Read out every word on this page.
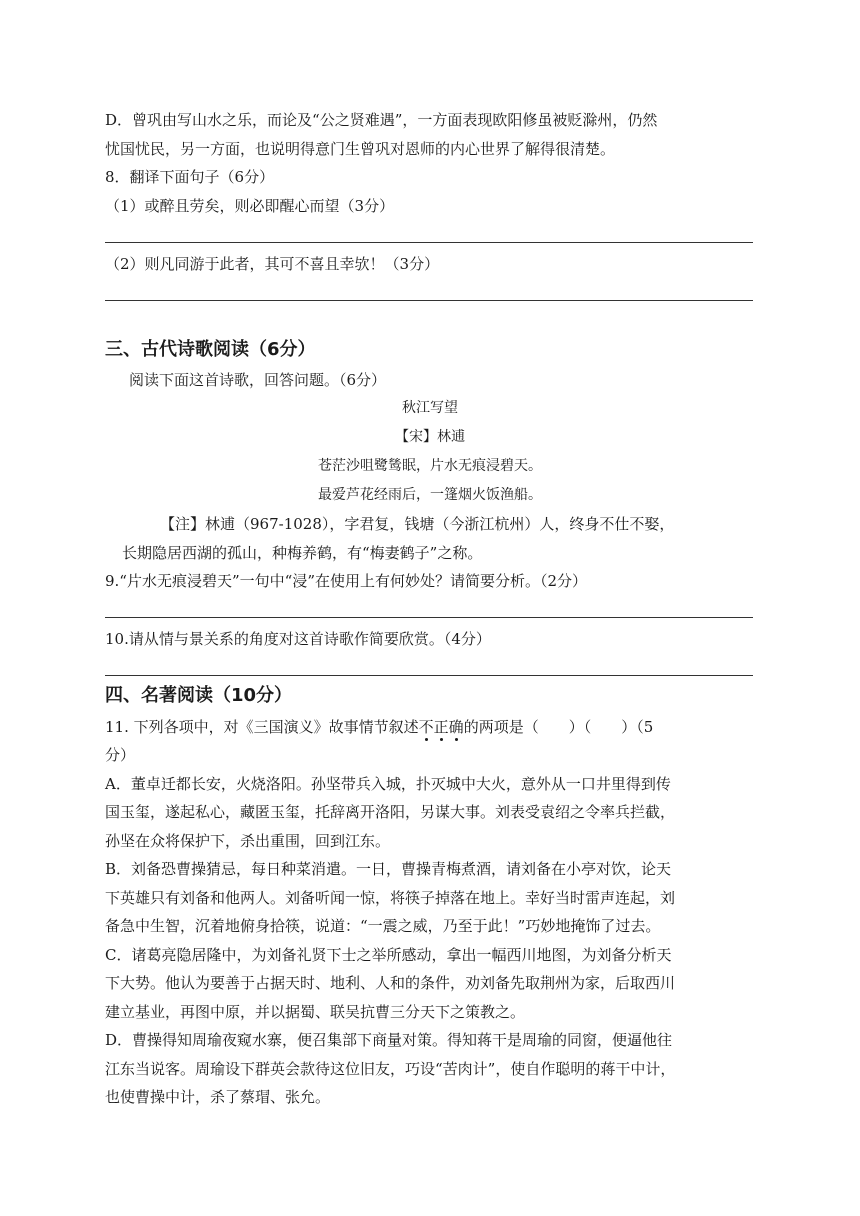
D．曾巩由写山水之乐，而论及“公之贤难遇”，一方面表现欧阳修虽被贬滁州，仍然
忧国忧民，另一方面，也说明得意门生曾巩对恩师的内心世界了解得很清楚。
8．翻译下面句子（6分）
（1）或醉且劳矣，则必即醒心而望（3分）
（2）则凡同游于此者，其可不喜且幸欤！（3分）
三、古代诗歌阅读（6分）
阅读下面这首诗歌，回答问题。（6分）
秋江写望
【宋】林逋
苍茫沙咀鹭鸶眠，片水无痕浸碧天。
最爱芦花经雨后，一篷烟火饭渔船。
【注】林逋（967-1028），字君复，钱塘（今浙江杭州）人，终身不仕不娶，
长期隐居西湖的孤山，种梅养鹤，有“梅妻鹤子”之称。
9.“片水无痕浸碧天”一句中“浸”在使用上有何妙处？请简要分析。（2分）
10.请从情与景关系的角度对这首诗歌作简要欣赏。（4分）
四、名著阅读（10分）
11. 下列各项中，对《三国演义》故事情节叙述不正确的两项是（　　）（　　）（5
分）
A．董卓迁都长安，火烧洛阳。孙坚带兵入城，扑灭城中大火，意外从一口井里得到传
国玉玺，遂起私心，藏匿玉玺，托辞离开洛阳，另谋大事。刘表受袁绍之令率兵拦截，
孙坚在众将保护下，杀出重围，回到江东。
B．刘备恐曹操猜忌，每日种菜消遣。一日，曹操青梅煮酒，请刘备在小亭对饮，论天
下英雄只有刘备和他两人。刘备听闻一惊，将筷子掉落在地上。幸好当时雷声连起，刘
备急中生智，沉着地俯身拾筷，说道：“一震之威，乃至于此！”巧妙地掩饰了过去。
C．诸葛亮隐居隆中，为刘备礼贤下士之举所感动，拿出一幅西川地图，为刘备分析天
下大势。他认为要善于占据天时、地利、人和的条件，劝刘备先取荆州为家，后取西川
建立基业，再图中原，并以据蜀、联吴抗曹三分天下之策教之。
D．曹操得知周瑜夜窥水寨，便召集部下商量对策。得知蒋干是周瑜的同窗，便逼他往
江东当说客。周瑜设下群英会款待这位旧友，巧设“苦肉计”，使自作聪明的蒋干中计，
也使曹操中计，杀了蔡瑁、张允。
